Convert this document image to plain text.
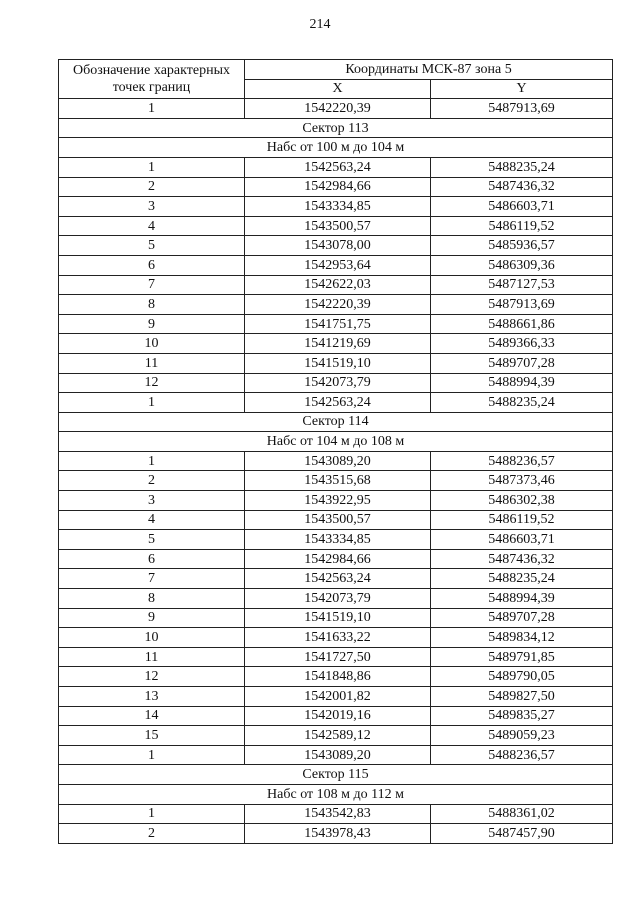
214
Обозначение характерных
точек границ	Координаты МСК-87 зона 5	
	X	Y
1	1542220,39	5487913,69
Сектор 113		
Набс от 100 м до 104 м		
1	1542563,24	5488235,24
2	1542984,66	5487436,32
3	1543334,85	5486603,71
4	1543500,57	5486119,52
5	1543078,00	5485936,57
6	1542953,64	5486309,36
7	1542622,03	5487127,53
8	1542220,39	5487913,69
9	1541751,75	5488661,86
10	1541219,69	5489366,33
11	1541519,10	5489707,28
12	1542073,79	5488994,39
1	1542563,24	5488235,24
Сектор 114		
Набс от 104 м до 108 м		
1	1543089,20	5488236,57
2	1543515,68	5487373,46
3	1543922,95	5486302,38
4	1543500,57	5486119,52
5	1543334,85	5486603,71
6	1542984,66	5487436,32
7	1542563,24	5488235,24
8	1542073,79	5488994,39
9	1541519,10	5489707,28
10	1541633,22	5489834,12
11	1541727,50	5489791,85
12	1541848,86	5489790,05
13	1542001,82	5489827,50
14	1542019,16	5489835,27
15	1542589,12	5489059,23
1	1543089,20	5488236,57
Сектор 115		
Набс от 108 м до 112 м		
1	1543542,83	5488361,02
2	1543978,43	5487457,90
